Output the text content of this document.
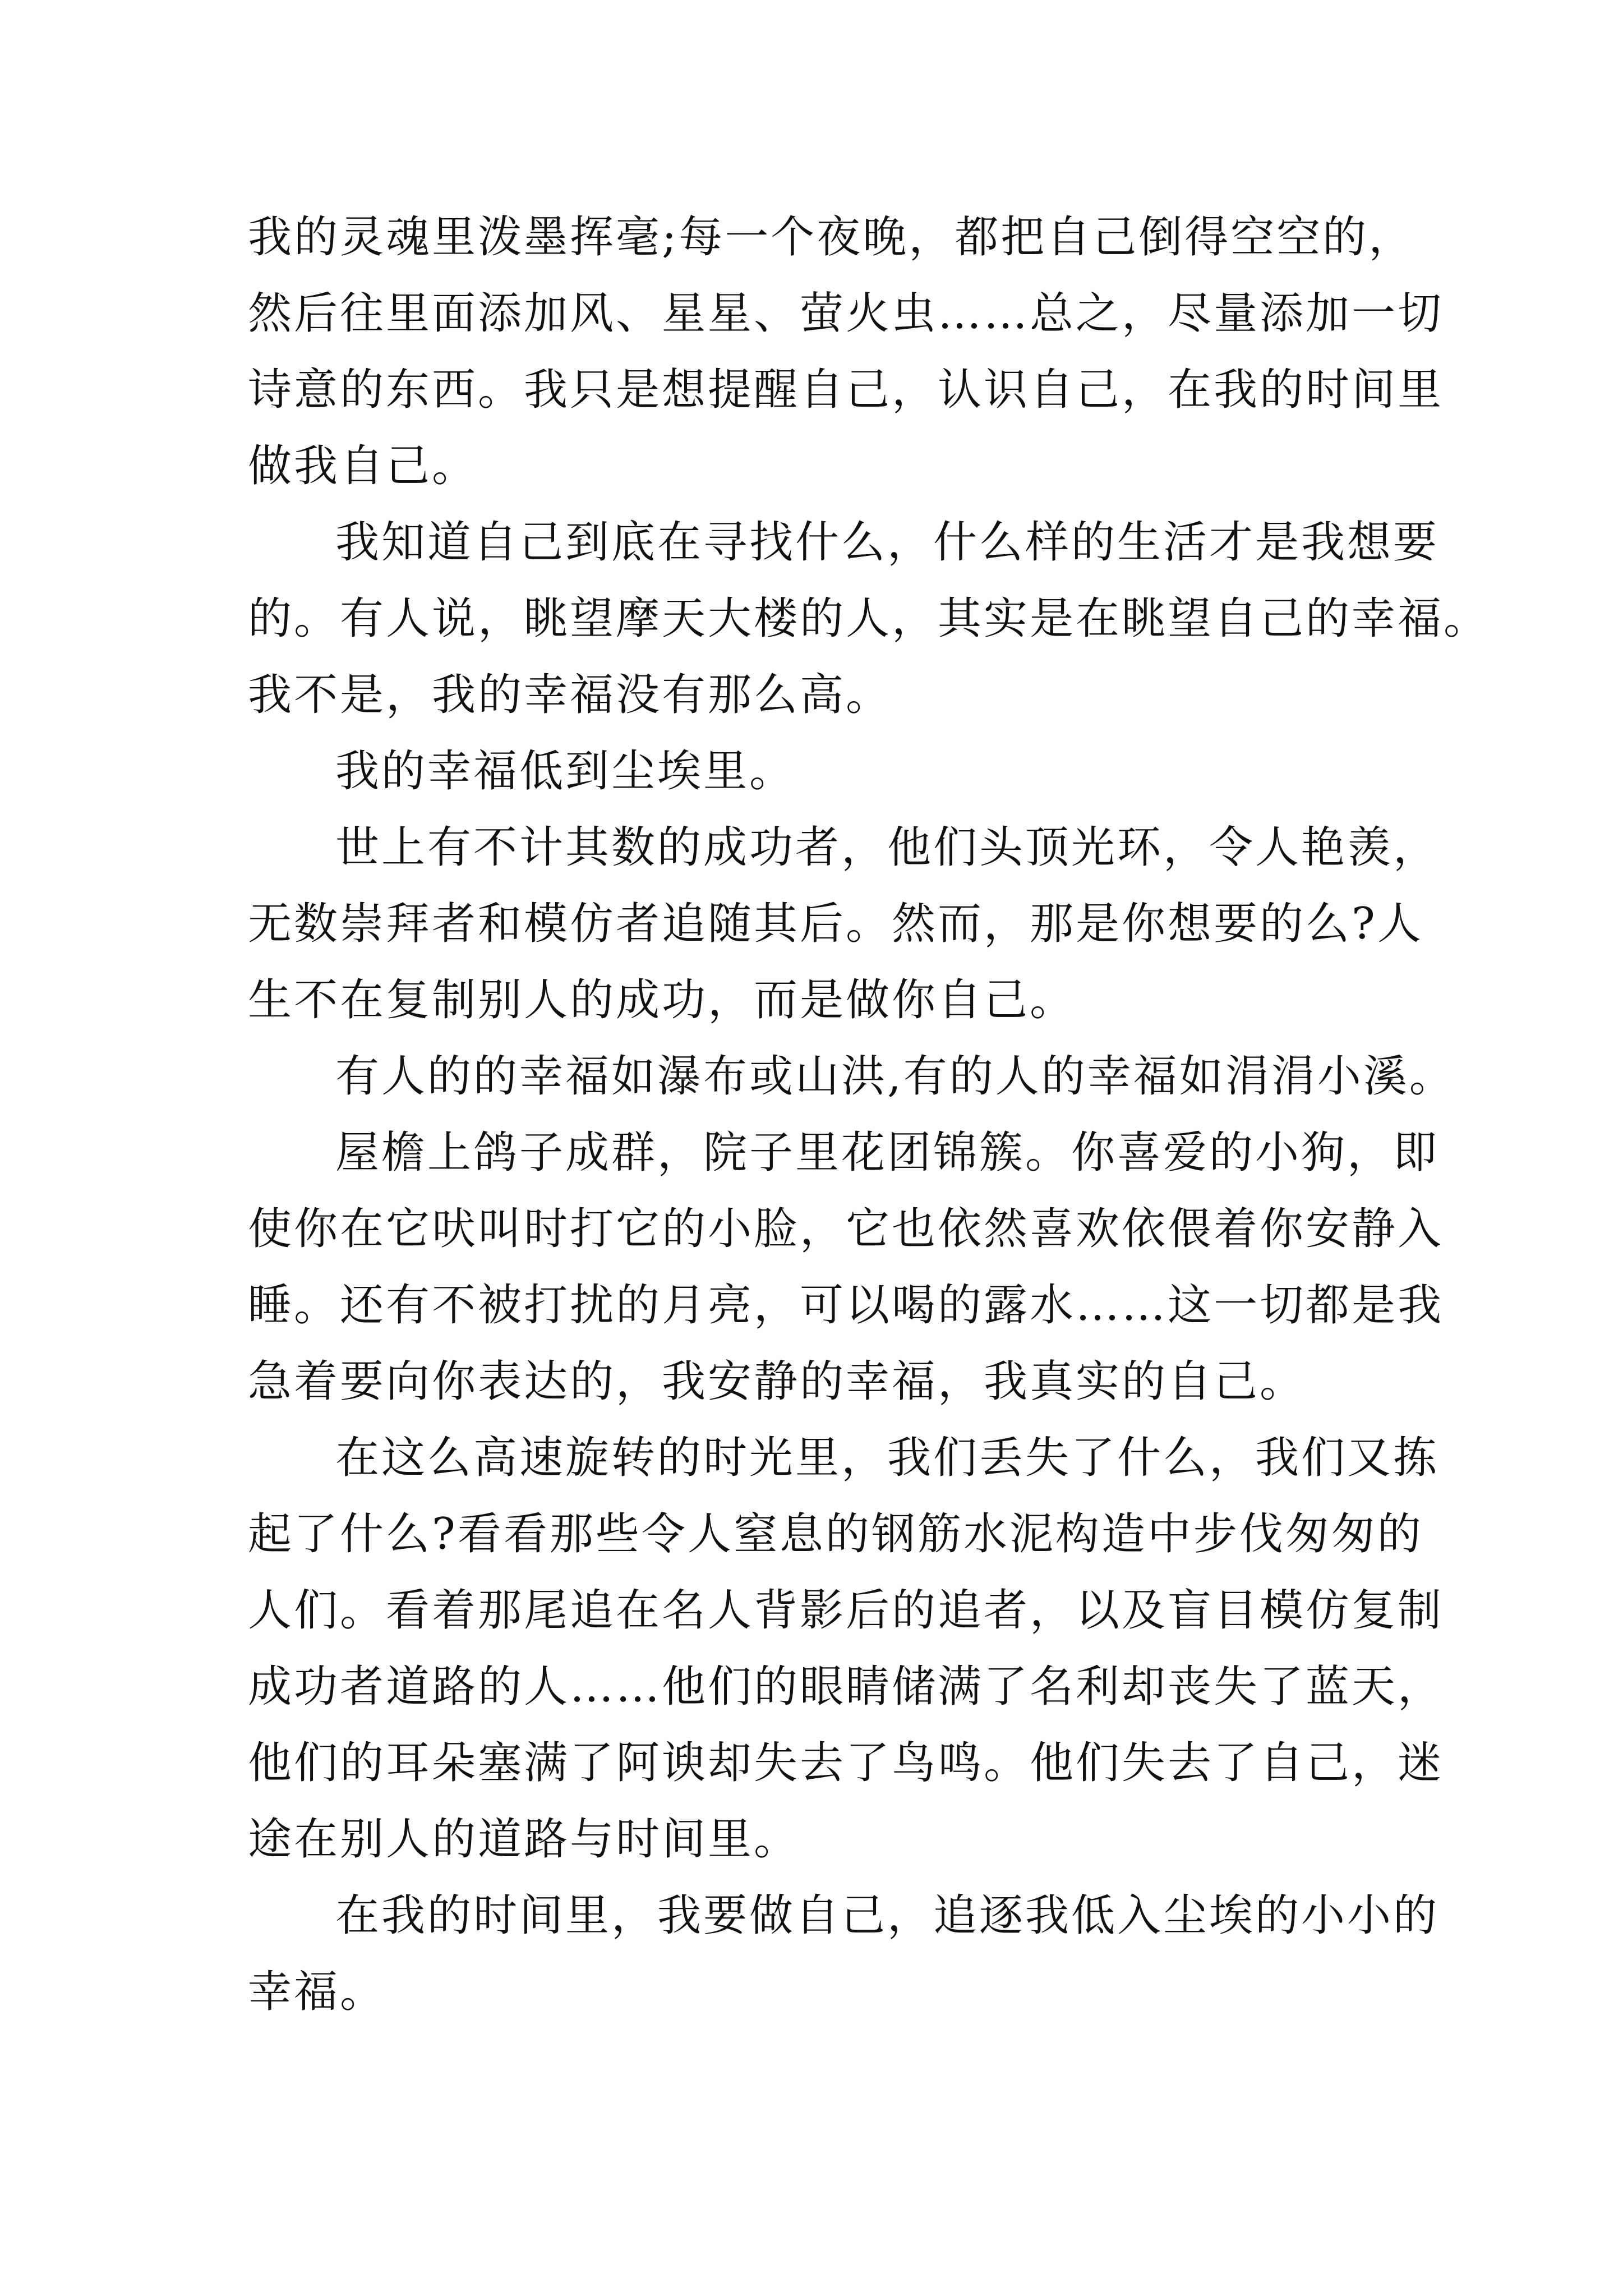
我的灵魂里泼墨挥毫;每一个夜晚，都把自己倒得空空的，
然后往里面添加风、星星、萤火虫……总之，尽量添加一切
诗意的东西。我只是想提醒自己，认识自己，在我的时间里
做我自己。
我知道自己到底在寻找什么，什么样的生活才是我想要
的。有人说，眺望摩天大楼的人，其实是在眺望自己的幸福。
我不是，我的幸福没有那么高。
我的幸福低到尘埃里。
世上有不计其数的成功者，他们头顶光环，令人艳羡，
无数崇拜者和模仿者追随其后。然而，那是你想要的么?人
生不在复制别人的成功，而是做你自己。
有人的的幸福如瀑布或山洪,有的人的幸福如涓涓小溪。
屋檐上鸽子成群，院子里花团锦簇。你喜爱的小狗，即
使你在它吠叫时打它的小脸，它也依然喜欢依偎着你安静入
睡。还有不被打扰的月亮，可以喝的露水……这一切都是我
急着要向你表达的，我安静的幸福，我真实的自己。
在这么高速旋转的时光里，我们丢失了什么，我们又拣
起了什么?看看那些令人窒息的钢筋水泥构造中步伐匆匆的
人们。看着那尾追在名人背影后的追者，以及盲目模仿复制
成功者道路的人……他们的眼睛储满了名利却丧失了蓝天，
他们的耳朵塞满了阿谀却失去了鸟鸣。他们失去了自己，迷
途在别人的道路与时间里。
在我的时间里，我要做自己，追逐我低入尘埃的小小的
幸福。
